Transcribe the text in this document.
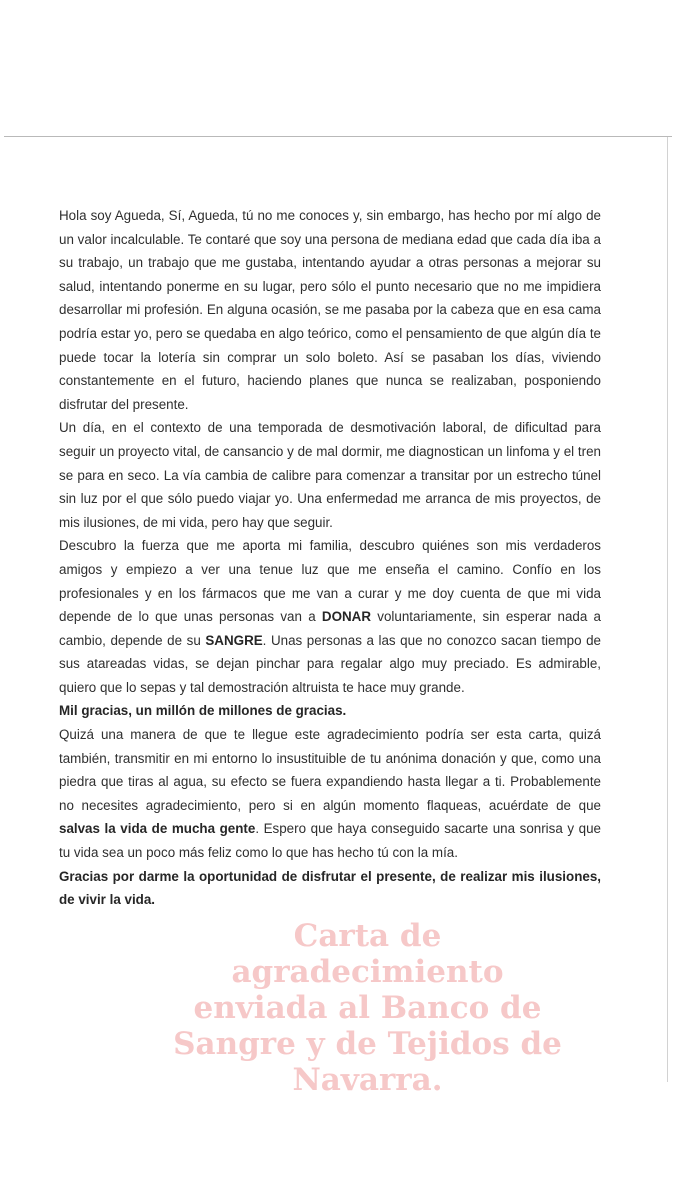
Hola soy Agueda, Sí, Agueda, tú no me conoces y, sin embargo, has hecho por mí algo de un valor incalculable. Te contaré que soy una persona de mediana edad que cada día iba a su trabajo, un trabajo que me gustaba, intentando ayudar a otras personas a mejorar su salud, intentando ponerme en su lugar, pero sólo el punto necesario que no me impidiera desarrollar mi profesión. En alguna ocasión, se me pasaba por la cabeza que en esa cama podría estar yo, pero se quedaba en algo teórico, como el pensamiento de que algún día te puede tocar la lotería sin comprar un solo boleto. Así se pasaban los días, viviendo constantemente en el futuro, haciendo planes que nunca se realizaban, posponiendo disfrutar del presente.

Un día, en el contexto de una temporada de desmotivación laboral, de dificultad para seguir un proyecto vital, de cansancio y de mal dormir, me diagnostican un linfoma y el tren se para en seco. La vía cambia de calibre para comenzar a transitar por un estrecho túnel sin luz por el que sólo puedo viajar yo. Una enfermedad me arranca de mis proyectos, de mis ilusiones, de mi vida, pero hay que seguir.

Descubro la fuerza que me aporta mi familia, descubro quiénes son mis verdaderos amigos y empiezo a ver una tenue luz que me enseña el camino. Confío en los profesionales y en los fármacos que me van a curar y me doy cuenta de que mi vida depende de lo que unas personas van a DONAR voluntariamente, sin esperar nada a cambio, depende de su SANGRE. Unas personas a las que no conozco sacan tiempo de sus atareadas vidas, se dejan pinchar para regalar algo muy preciado. Es admirable, quiero que lo sepas y tal demostración altruista te hace muy grande.

Mil gracias, un millón de millones de gracias.

Quizá una manera de que te llegue este agradecimiento podría ser esta carta, quizá también, transmitir en mi entorno lo insustituible de tu anónima donación y que, como una piedra que tiras al agua, su efecto se fuera expandiendo hasta llegar a ti. Probablemente no necesites agradecimiento, pero si en algún momento flaqueas, acuérdate de que salvas la vida de mucha gente. Espero que haya conseguido sacarte una sonrisa y que tu vida sea un poco más feliz como lo que has hecho tú con la mía.

Gracias por darme la oportunidad de disfrutar el presente, de realizar mis ilusiones, de vivir la vida.

Carta de
agradecimiento
enviada al Banco de
Sangre y de Tejidos de
Navarra.
